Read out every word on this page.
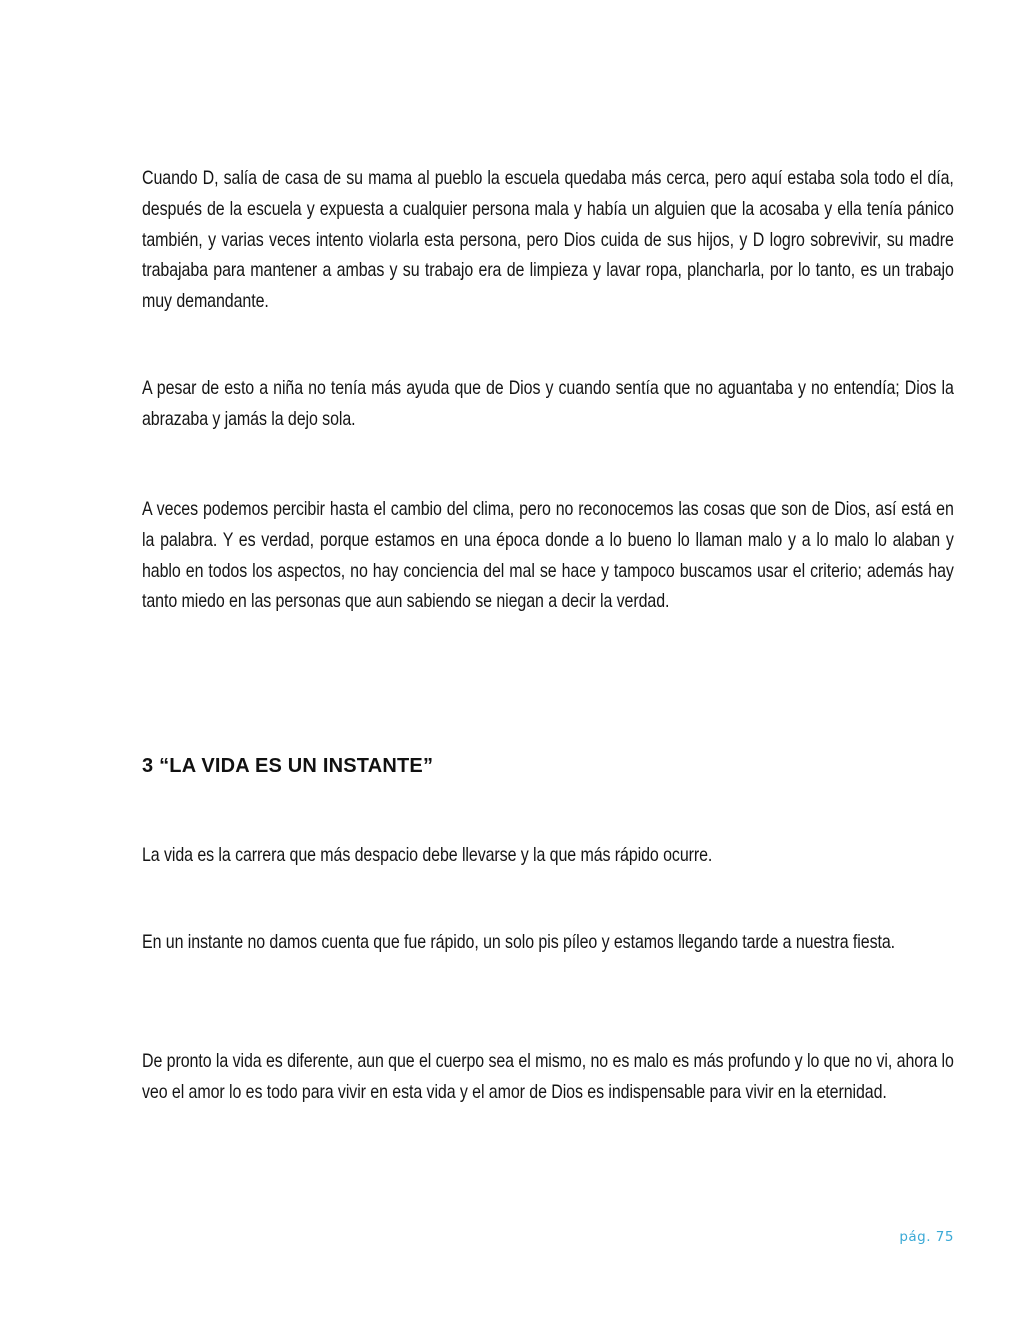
Cuando D, salía de casa de su mama al pueblo la escuela quedaba más cerca, pero aquí estaba sola todo el día, después de la escuela y expuesta a cualquier persona mala y había un alguien que la acosaba y ella tenía pánico también, y varias veces intento violarla esta persona, pero Dios cuida de sus hijos, y D logro sobrevivir, su madre trabajaba para mantener a ambas y su trabajo era de limpieza y lavar ropa, plancharla, por lo tanto, es un trabajo muy demandante.

A pesar de esto a niña no tenía más ayuda que de Dios y cuando sentía que no aguantaba y no entendía; Dios la abrazaba y jamás la dejo sola.

A veces podemos percibir hasta el cambio del clima, pero no reconocemos las cosas que son de Dios, así está en la palabra. Y es verdad, porque estamos en una época donde a lo bueno lo llaman malo y a lo malo lo alaban y hablo en todos los aspectos, no hay conciencia del mal se hace y tampoco buscamos usar el criterio; además hay tanto miedo en las personas que aun sabiendo se niegan a decir la verdad.

3 “LA VIDA ES UN INSTANTE”

La vida es la carrera que más despacio debe llevarse y la que más rápido ocurre.

En un instante no damos cuenta que fue rápido, un solo pis píleo y estamos llegando tarde a nuestra fiesta.

De pronto la vida es diferente, aun que el cuerpo sea el mismo, no es malo es más profundo y lo que no vi, ahora lo veo el amor lo es todo para vivir en esta vida y el amor de Dios es indispensable para vivir en la eternidad.

pág. 75
